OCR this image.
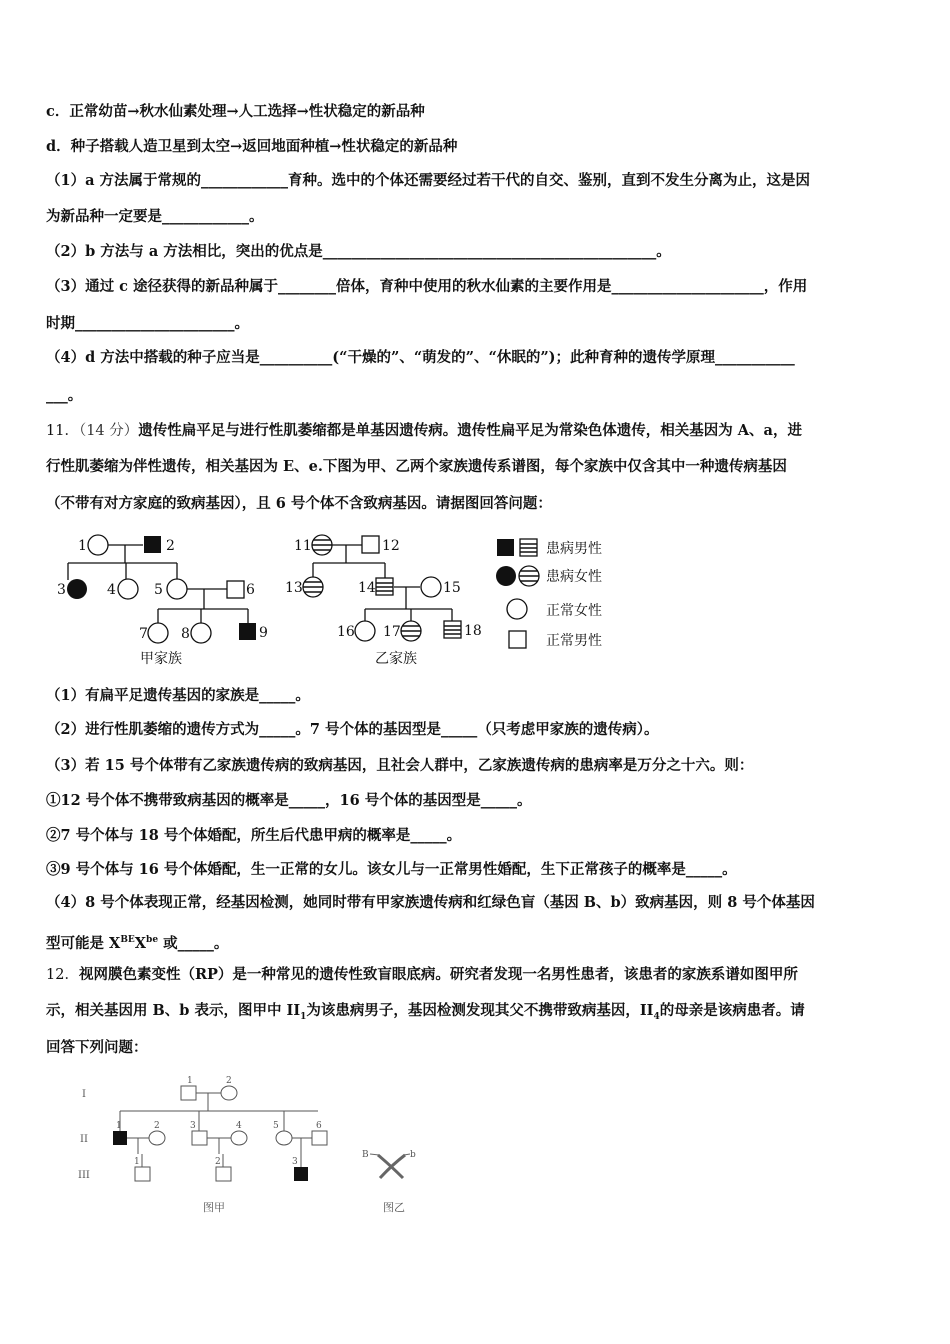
c．正常幼苗→秋水仙素处理→人工选择→性状稳定的新品种
d．种子搭载人造卫星到太空→返回地面种植→性状稳定的新品种
（1）a 方法属于常规的____________育种。选中的个体还需要经过若干代的自交、鉴别，直到不发生分离为止，这是因
为新品种一定要是____________。
（2）b 方法与 a 方法相比，突出的优点是______________________________________________。
（3）通过 c 途径获得的新品种属于________倍体，育种中使用的秋水仙素的主要作用是_____________________，作用
时期______________________。
（4）d 方法中搭载的种子应当是__________(“干燥的”、“萌发的”、“休眠的”)；此种育种的遗传学原理___________
___。
11．（14 分）遗传性扁平足与进行性肌萎缩都是单基因遗传病。遗传性扁平足为常染色体遗传，相关基因为 A、a，进
行性肌萎缩为伴性遗传，相关基因为 E、e.下图为甲、乙两个家族遗传系谱图，每个家族中仅含其中一种遗传病基因
（不带有对方家庭的致病基因），且 6 号个体不含致病基因。请据图回答问题：
1	2
3	4	5	6
7 8	9
11	12
13	14	15
16 17	18
甲家族	乙家族
患病男性
患病女性
正常女性
正常男性
（1）有扁平足遗传基因的家族是_____。
（2）进行性肌萎缩的遗传方式为_____。7 号个体的基因型是_____（只考虑甲家族的遗传病）。
（3）若 15 号个体带有乙家族遗传病的致病基因，且社会人群中，乙家族遗传病的患病率是万分之十六。则：
①12 号个体不携带致病基因的概率是_____，16 号个体的基因型是_____。
②7 号个体与 18 号个体婚配，所生后代患甲病的概率是_____。
③9 号个体与 16 号个体婚配，生一正常的女儿。该女儿与一正常男性婚配，生下正常孩子的概率是_____。
（4）8 号个体表现正常，经基因检测，她同时带有甲家族遗传病和红绿色盲（基因 B、b）致病基因，则 8 号个体基因
型可能是 $X^{BE}X^{be}$ 或_____。
12．视网膜色素变性（RP）是一种常见的遗传性致盲眼底病。研究者发现一名男性患者，该患者的家族系谱如图甲所
示，相关基因用 B、b 表示，图甲中 $II_1$为该患病男子，基因检测发现其父不携带致病基因，$II_4$的母亲是该病患者。请
回答下列问题：
I
II
III
1	2
1	2	3	4	5	6
1	2	3
图甲
B	b
图乙
